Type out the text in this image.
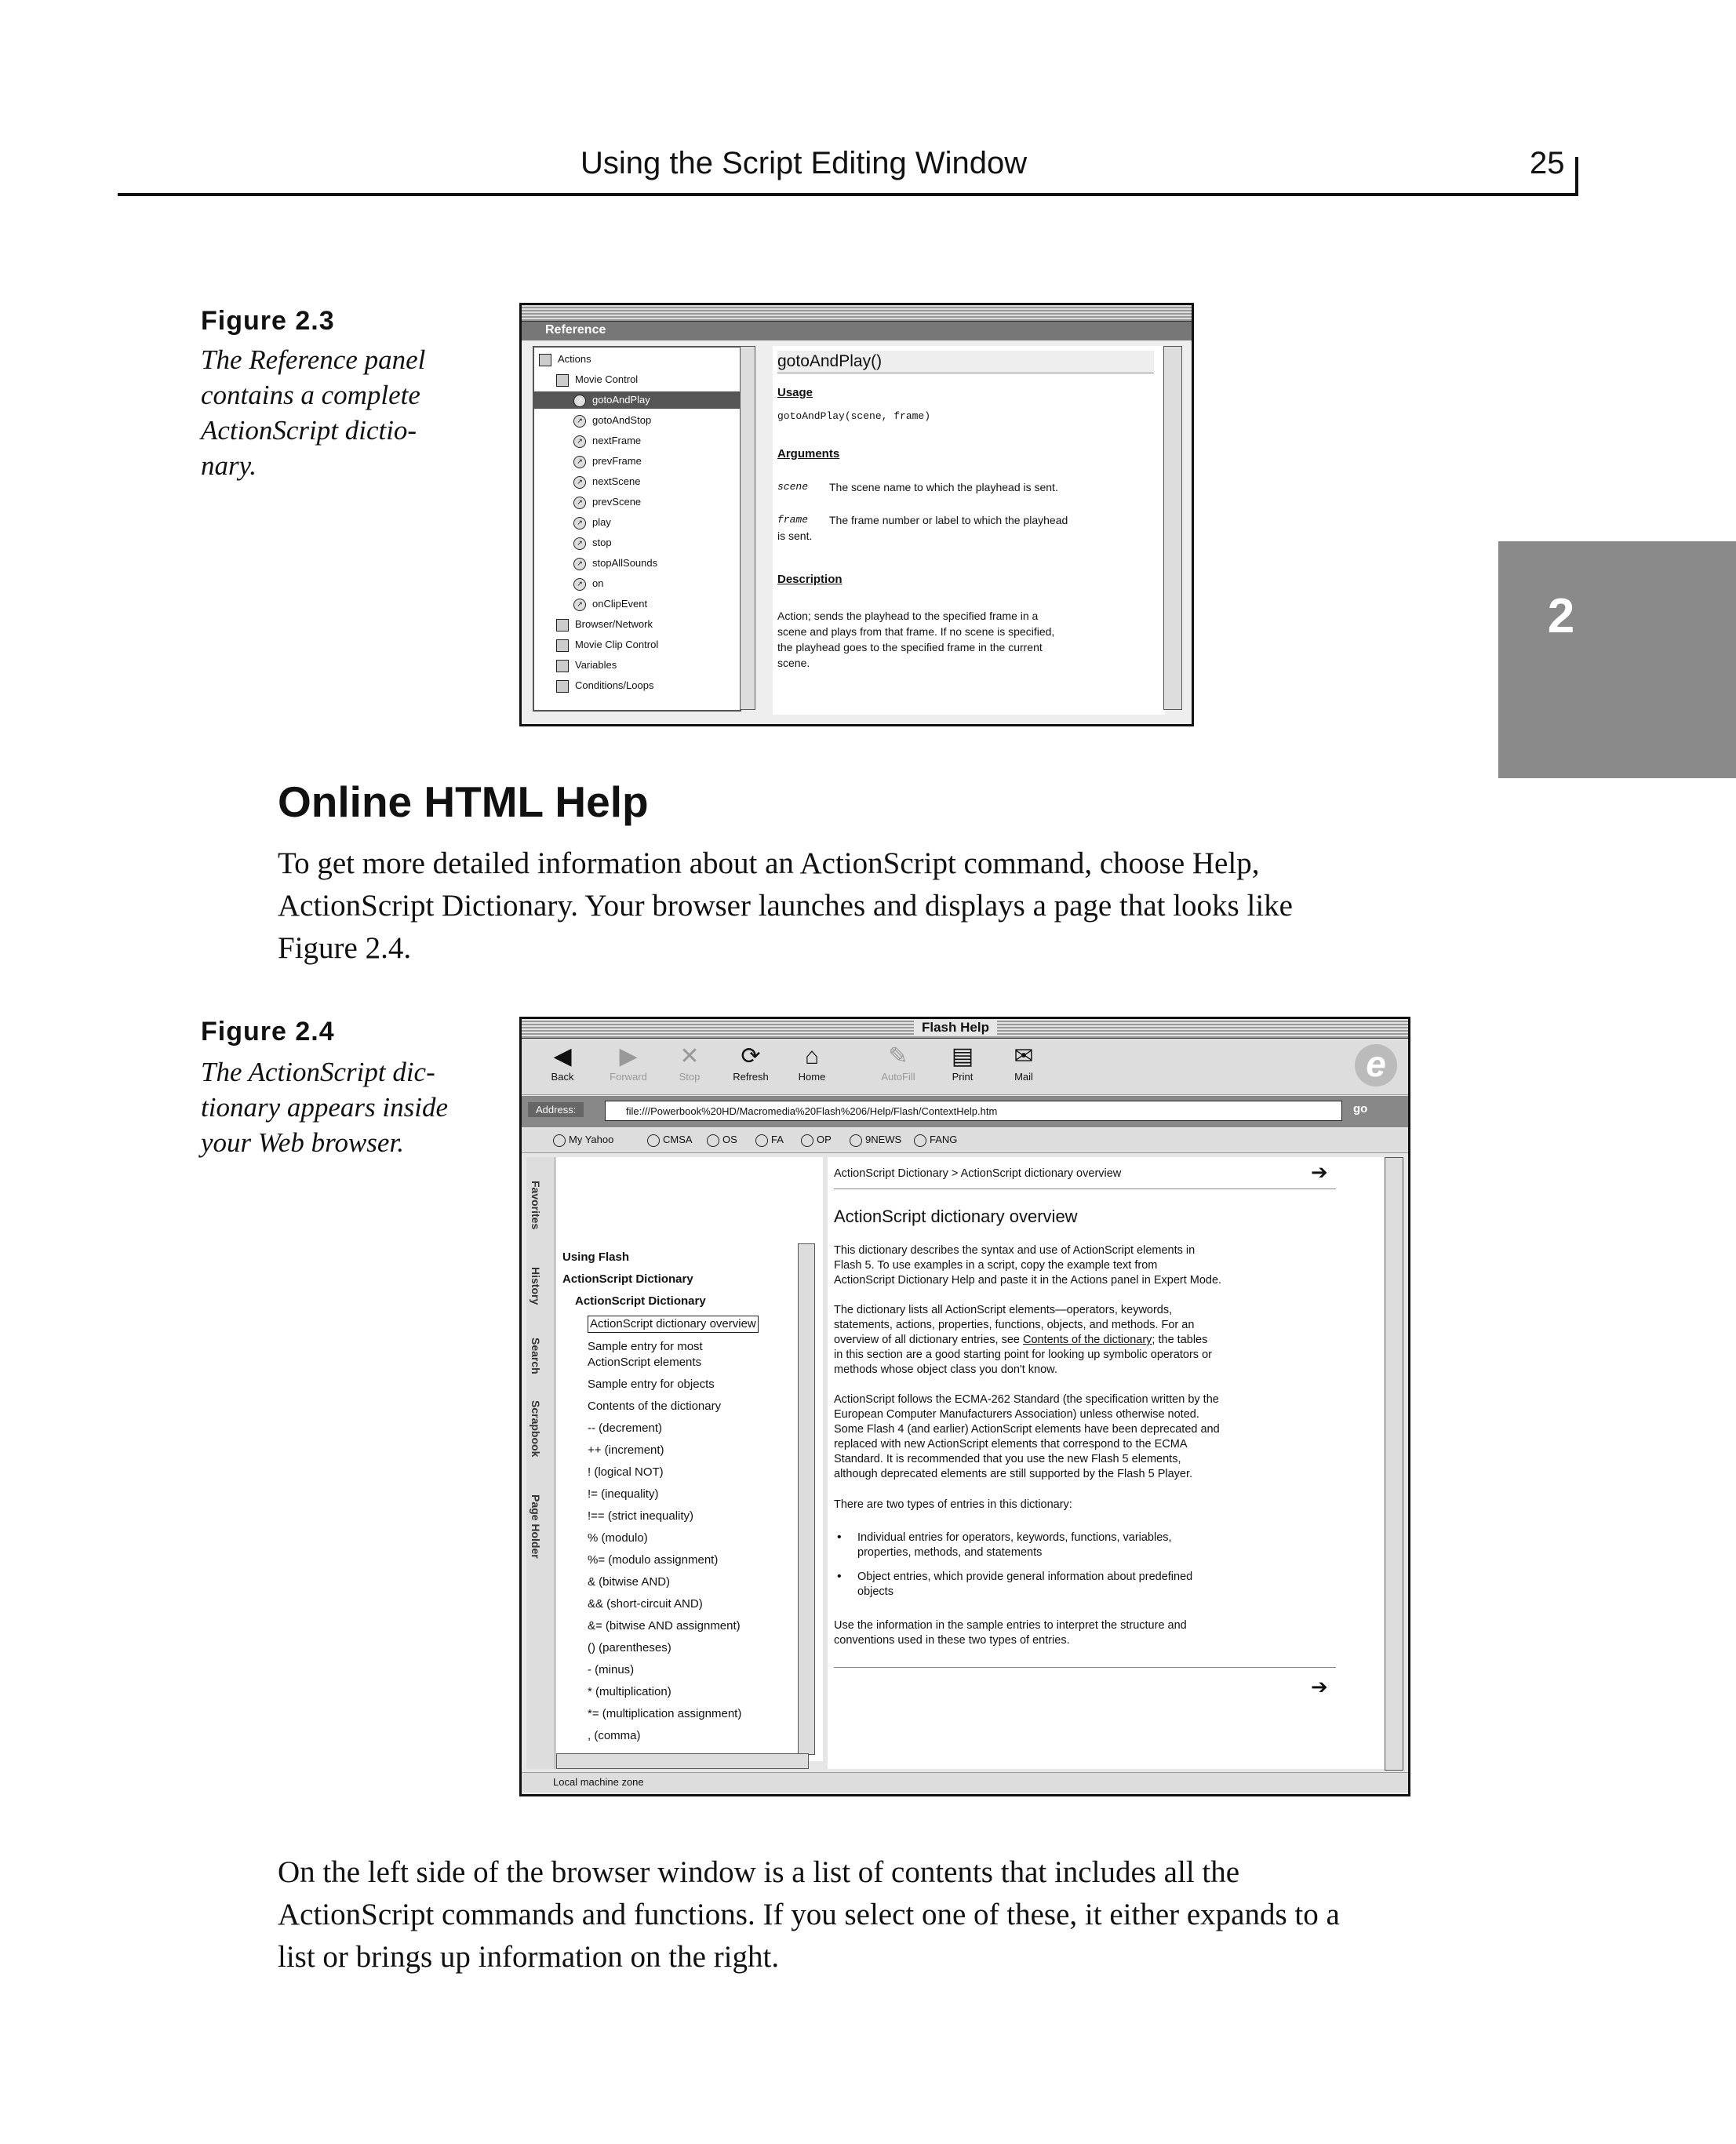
Using the Script Editing Window	25
2
Figure 2.3
The Reference panel
contains a complete
ActionScript dictio-
nary.
Reference
Actions
Movie Control
↗ gotoAndPlay
↗ gotoAndStop
↗ nextFrame
↗ prevFrame
↗ nextScene
↗ prevScene
↗ play
↗ stop
↗ stopAllSounds
↗ on
↗ onClipEvent
Browser/Network
Movie Clip Control
Variables
Conditions/Loops
gotoAndPlay()
Usage
gotoAndPlay(scene, frame)
Arguments
scene The scene name to which the playhead is sent.
frame The frame number or label to which the playhead
is sent.
Description
Action; sends the playhead to the specified frame in a
scene and plays from that frame. If no scene is specified,
the playhead goes to the specified frame in the current
scene.
Online HTML Help
To get more detailed information about an ActionScript command, choose Help,
ActionScript Dictionary. Your browser launches and displays a page that looks like
Figure 2.4.
Figure 2.4
The ActionScript dic-
tionary appears inside
your Web browser.
Flash Help
◀
Back
▶
Forward
✕
Stop
⟳
Refresh
⌂
Home
✎
AutoFill
▤
Print
✉
Mail	e
Address:	file:///Powerbook%20HD/Macromedia%20Flash%206/Help/Flash/ContextHelp.htm	go
My Yahoo	CMSA	OS	FA	OP	9NEWS	FANG
Favorites
History
Search
Scrapbook
Page Holder
Using Flash
ActionScript Dictionary
ActionScript Dictionary
ActionScript dictionary overview
Sample entry for most
ActionScript elements
Sample entry for objects
Contents of the dictionary
-- (decrement)
++ (increment)
! (logical NOT)
!= (inequality)
!== (strict inequality)
% (modulo)
%= (modulo assignment)
& (bitwise AND)
&& (short-circuit AND)
&= (bitwise AND assignment)
() (parentheses)
- (minus)
* (multiplication)
*= (multiplication assignment)
, (comma)
ActionScript Dictionary > ActionScript dictionary overview	➔
ActionScript dictionary overview
This dictionary describes the syntax and use of ActionScript elements in
Flash 5. To use examples in a script, copy the example text from
ActionScript Dictionary Help and paste it in the Actions panel in Expert Mode.
The dictionary lists all ActionScript elements—operators, keywords,
statements, actions, properties, functions, objects, and methods. For an
overview of all dictionary entries, see Contents of the dictionary; the tables
in this section are a good starting point for looking up symbolic operators or
methods whose object class you don't know.
ActionScript follows the ECMA-262 Standard (the specification written by the
European Computer Manufacturers Association) unless otherwise noted.
Some Flash 4 (and earlier) ActionScript elements have been deprecated and
replaced with new ActionScript elements that correspond to the ECMA
Standard. It is recommended that you use the new Flash 5 elements,
although deprecated elements are still supported by the Flash 5 Player.
There are two types of entries in this dictionary:
• Individual entries for operators, keywords, functions, variables,
properties, methods, and statements
• Object entries, which provide general information about predefined
objects
Use the information in the sample entries to interpret the structure and
conventions used in these two types of entries.
➔
Local machine zone
On the left side of the browser window is a list of contents that includes all the
ActionScript commands and functions. If you select one of these, it either expands to a
list or brings up information on the right.
